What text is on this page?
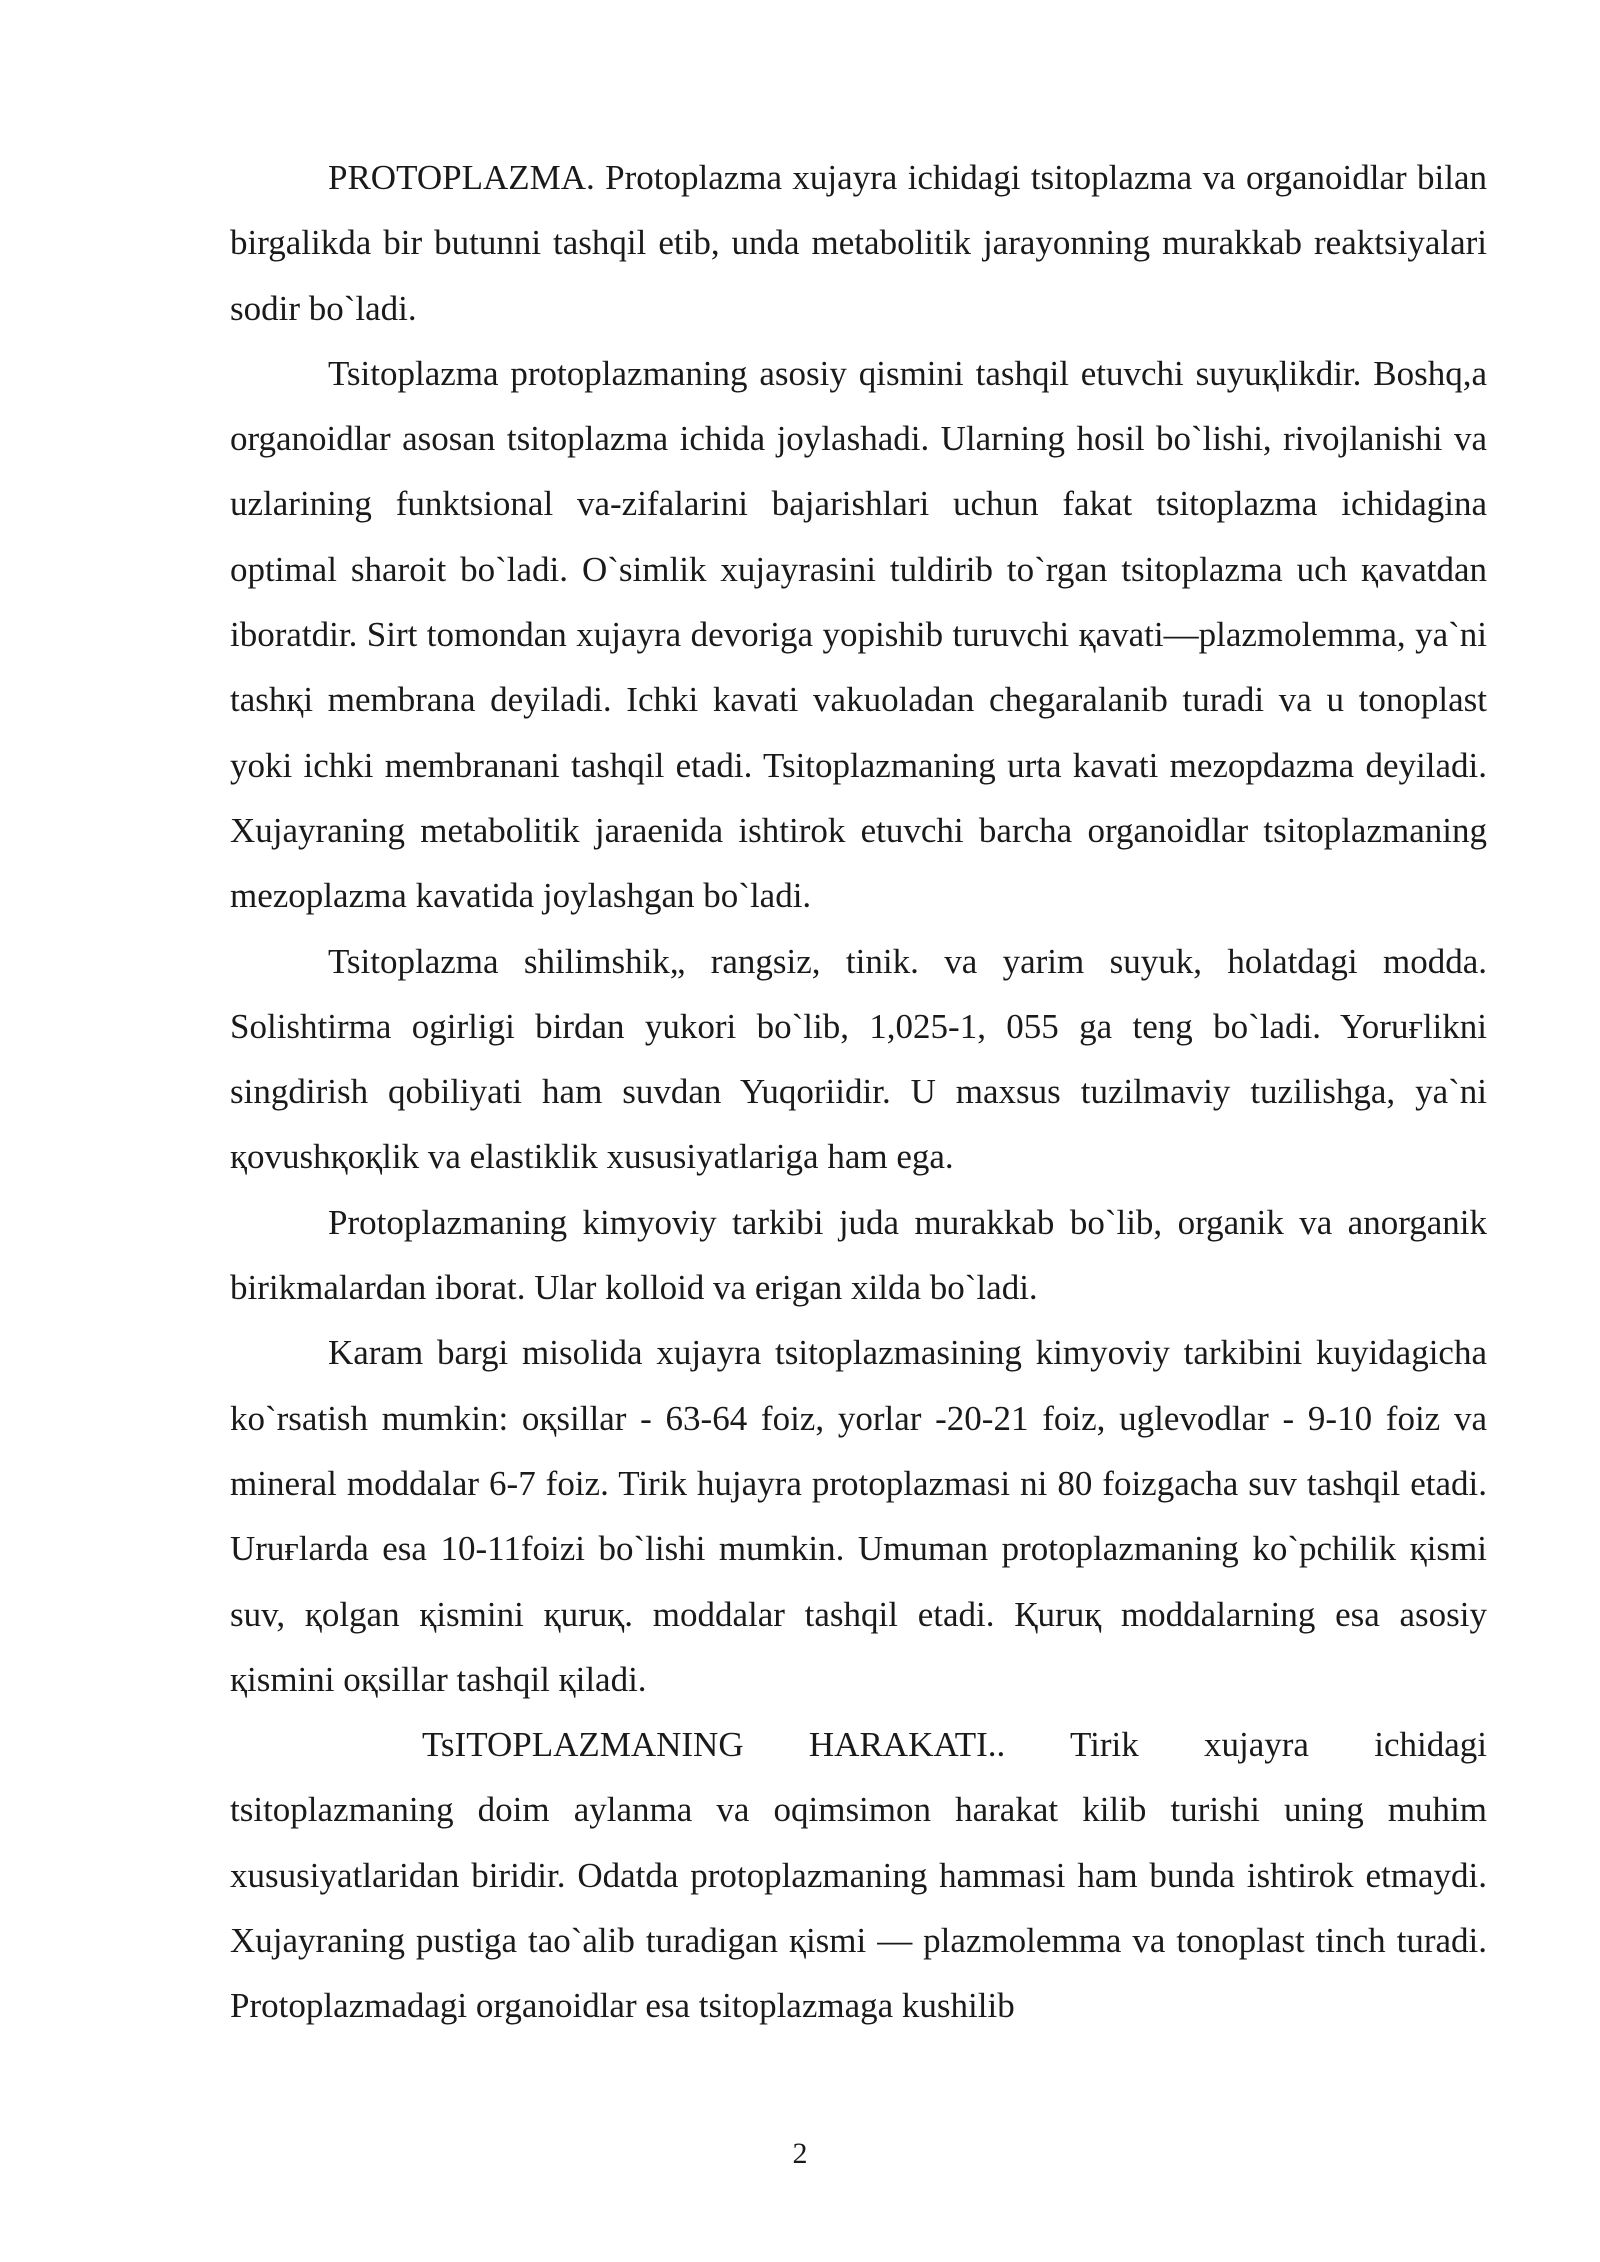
PROTOPLAZMA. Protoplazma xujayra ichidagi tsitoplazma va organoidlar bilan birgalikda bir butunni tashqil etib, unda metabolitik jarayonning murakkab reaktsiyalari sodir bo`ladi.

Tsitoplazma protoplazmaning asosiy qismini tashqil etuvchi suyuқlikdir. Boshq,a organoidlar asosan tsitoplazma ichida joylashadi. Ularning hosil bo`lishi, rivojlanishi va uzlarining funktsional va-zifalarini bajarishlari uchun fakat tsitoplazma ichidagina optimal sharoit bo`ladi. O`simlik xujayrasini tuldirib to`rgan tsitoplazma uch қavatdan iboratdir. Sirt tomondan xujayra devoriga yopishib turuvchi қavati—plazmolemma, ya`ni tashқi membrana deyiladi. Ichki kavati vakuoladan chegaralanib turadi va u tonoplast yoki ichki membranani tashqil etadi. Tsitoplazmaning urta kavati mezopdazma deyiladi. Xujayraning metabolitik jaraenida ishtirok etuvchi barcha organoidlar tsitoplazmaning mezoplazma kavatida joylashgan bo`ladi.

Tsitoplazma shilimshik„ rangsiz, tinik. va yarim suyuk, holatdagi modda. Solishtirma ogirligi birdan yukori bo`lib, 1,025-1, 055 ga teng bo`ladi. Yoruғlikni singdirish qobiliyati ham suvdan Yuqoriidir. U maxsus tuzilmaviy tuzilishga, ya`ni қovushқoқlik va elastiklik xususiyatlariga ham ega.

Protoplazmaning kimyoviy tarkibi juda murakkab bo`lib, organik va anorganik birikmalardan iborat. Ular kolloid va erigan xilda bo`ladi.

Karam bargi misolida xujayra tsitoplazmasining kimyoviy tarkibini kuyidagicha ko`rsatish mumkin: oқsillar - 63-64 foiz, yorlar -20-21 foiz, uglevodlar - 9-10 foiz va mineral moddalar 6-7 foiz. Tirik hujayra protoplazmasi ni 80 foizgacha suv tashqil etadi. Uruғlarda esa 10-11foizi bo`lishi mumkin. Umuman protoplazmaning ko`pchilik қismi suv, қolgan қismini қuruқ. moddalar tashqil etadi. Қuruқ moddalarning esa asosiy қismini oқsillar tashqil қiladi.

TsITOPLAZMANING HARAKATI.. Tirik xujayra ichidagi tsitoplazmaning doim aylanma va oqimsimon harakat kilib turishi uning muhim xususiyatlaridan biridir. Odatda protoplazmaning hammasi ham bunda ishtirok etmaydi. Xujayraning pustiga tao`alib turadigan қismi — plazmolemma va tonoplast tinch turadi. Protoplazmadagi organoidlar esa tsitoplazmaga kushilib

2
